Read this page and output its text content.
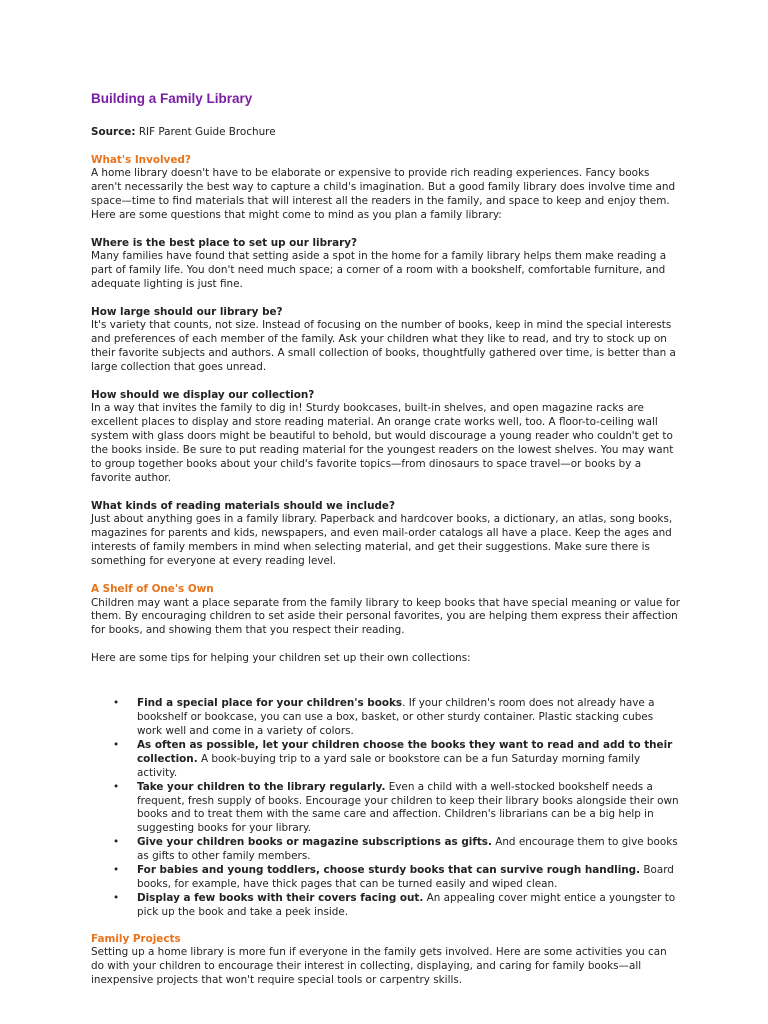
Building a Family Library

Source: RIF Parent Guide Brochure

What's Involved?

A home library doesn't have to be elaborate or expensive to provide rich reading experiences. Fancy books aren't necessarily the best way to capture a child's imagination. But a good family library does involve time and space—time to find materials that will interest all the readers in the family, and space to keep and enjoy them. Here are some questions that might come to mind as you plan a family library:

Where is the best place to set up our library?

Many families have found that setting aside a spot in the home for a family library helps them make reading a part of family life. You don't need much space; a corner of a room with a bookshelf, comfortable furniture, and adequate lighting is just fine.

How large should our library be?

It's variety that counts, not size. Instead of focusing on the number of books, keep in mind the special interests and preferences of each member of the family. Ask your children what they like to read, and try to stock up on their favorite subjects and authors. A small collection of books, thoughtfully gathered over time, is better than a large collection that goes unread.

How should we display our collection?

In a way that invites the family to dig in! Sturdy bookcases, built-in shelves, and open magazine racks are excellent places to display and store reading material. An orange crate works well, too. A floor-to-ceiling wall system with glass doors might be beautiful to behold, but would discourage a young reader who couldn't get to the books inside. Be sure to put reading material for the youngest readers on the lowest shelves. You may want to group together books about your child's favorite topics—from dinosaurs to space travel—or books by a favorite author.

What kinds of reading materials should we include?

Just about anything goes in a family library. Paperback and hardcover books, a dictionary, an atlas, song books, magazines for parents and kids, newspapers, and even mail-order catalogs all have a place. Keep the ages and interests of family members in mind when selecting material, and get their suggestions. Make sure there is something for everyone at every reading level.

A Shelf of One's Own

Children may want a place separate from the family library to keep books that have special meaning or value for them. By encouraging children to set aside their personal favorites, you are helping them express their affection for books, and showing them that you respect their reading.

Here are some tips for helping your children set up their own collections:

• Find a special place for your children's books. If your children's room does not already have a bookshelf or bookcase, you can use a box, basket, or other sturdy container. Plastic stacking cubes work well and come in a variety of colors.
• As often as possible, let your children choose the books they want to read and add to their collection. A book-buying trip to a yard sale or bookstore can be a fun Saturday morning family activity.
• Take your children to the library regularly. Even a child with a well-stocked bookshelf needs a frequent, fresh supply of books. Encourage your children to keep their library books alongside their own books and to treat them with the same care and affection. Children's librarians can be a big help in suggesting books for your library.
• Give your children books or magazine subscriptions as gifts. And encourage them to give books as gifts to other family members.
• For babies and young toddlers, choose sturdy books that can survive rough handling. Board books, for example, have thick pages that can be turned easily and wiped clean.
• Display a few books with their covers facing out. An appealing cover might entice a youngster to pick up the book and take a peek inside.
Family Projects

Setting up a home library is more fun if everyone in the family gets involved. Here are some activities you can do with your children to encourage their interest in collecting, displaying, and caring for family books—all inexpensive projects that won't require special tools or carpentry skills.
